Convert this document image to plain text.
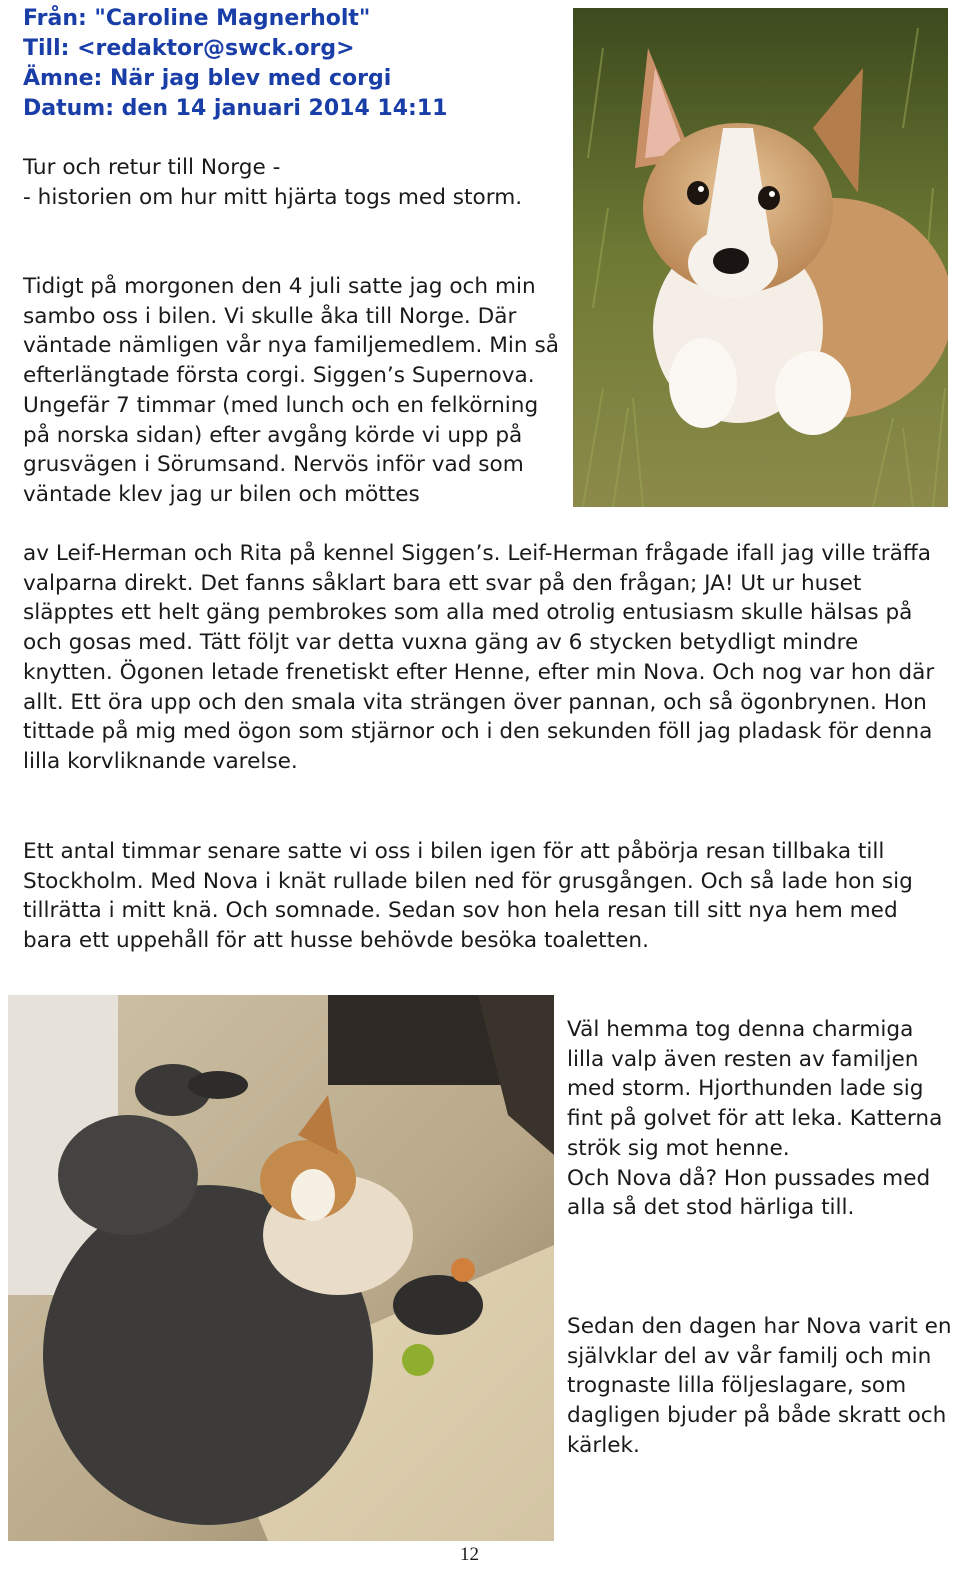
Från: "Caroline Magnerholt"
Till: <redaktor@swck.org>
Ämne: När jag blev med corgi
Datum: den 14 januari 2014 14:11

Tur och retur till Norge -
- historien om hur mitt hjärta togs med storm.

Tidigt på morgonen den 4 juli satte jag och min sambo oss i bilen. Vi skulle åka till Norge. Där väntade nämligen vår nya familjemedlem. Min så efterlängtade första corgi. Siggen’s Supernova. Ungefär 7 timmar (med lunch och en felkörning på norska sidan) efter avgång körde vi upp på grusvägen i Sörumsand. Nervös inför vad som väntade klev jag ur bilen och möttes

av Leif-Herman och Rita på kennel Siggen’s. Leif-Herman frågade ifall jag ville träffa valparna direkt. Det fanns såklart bara ett svar på den frågan; JA! Ut ur huset släpptes ett helt gäng pembrokes som alla med otrolig entusiasm skulle hälsas på och gosas med. Tätt följt var detta vuxna gäng av 6 stycken betydligt mindre knytten. Ögonen letade frenetiskt efter Henne, efter min Nova. Och nog var hon där allt. Ett öra upp och den smala vita strängen över pannan, och så ögonbrynen. Hon tittade på mig med ögon som stjärnor och i den sekunden föll jag pladask för denna lilla korvliknande varelse.

Ett antal timmar senare satte vi oss i bilen igen för att påbörja resan tillbaka till Stockholm. Med Nova i knät rullade bilen ned för grusgången. Och så lade hon sig tillrätta i mitt knä. Och somnade. Sedan sov hon hela resan till sitt nya hem med bara ett uppehåll för att husse behövde besöka toaletten.

Väl hemma tog denna charmiga lilla valp även resten av familjen med storm. Hjorthunden lade sig fint på golvet för att leka. Katterna strök sig mot henne.
Och Nova då? Hon pussades med alla så det stod härliga till.

Sedan den dagen har Nova varit en självklar del av vår familj och min trognaste lilla följeslagare, som dagligen bjuder på både skratt och kärlek.

12
